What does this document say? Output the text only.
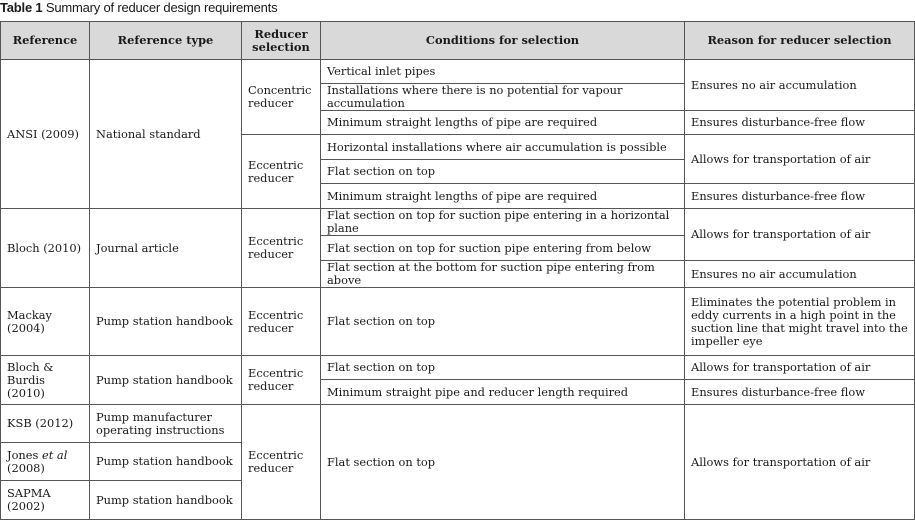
Table 1 Summary of reducer design requirements
Reference	Reference type	Reducer selection	Conditions for selection	Reason for reducer selection
ANSI (2009)	National standard	Concentric reducer	Vertical inlet pipes	Ensures no air accumulation
			Installations where there is no potential for vapour accumulation	
			Minimum straight lengths of pipe are required	Ensures disturbance-free flow
		Eccentric reducer	Horizontal installations where air accumulation is possible	Allows for transportation of air
			Flat section on top	
			Minimum straight lengths of pipe are required	Ensures disturbance-free flow
Bloch (2010)	Journal article	Eccentric reducer	Flat section on top for suction pipe entering in a horizontal plane	Allows for transportation of air
			Flat section on top for suction pipe entering from below	
			Flat section at the bottom for suction pipe entering from above	Ensures no air accumulation
Mackay (2004)	Pump station handbook	Eccentric reducer	Flat section on top	Eliminates the potential problem in eddy currents in a high point in the suction line that might travel into the impeller eye
Bloch & Burdis (2010)	Pump station handbook	Eccentric reducer	Flat section on top	Allows for transportation of air
			Minimum straight pipe and reducer length required	Ensures disturbance-free flow
KSB (2012)	Pump manufacturer operating instructions	Eccentric reducer	Flat section on top	Allows for transportation of air
Jones et al (2008)	Pump station handbook			
SAPMA (2002)	Pump station handbook			
